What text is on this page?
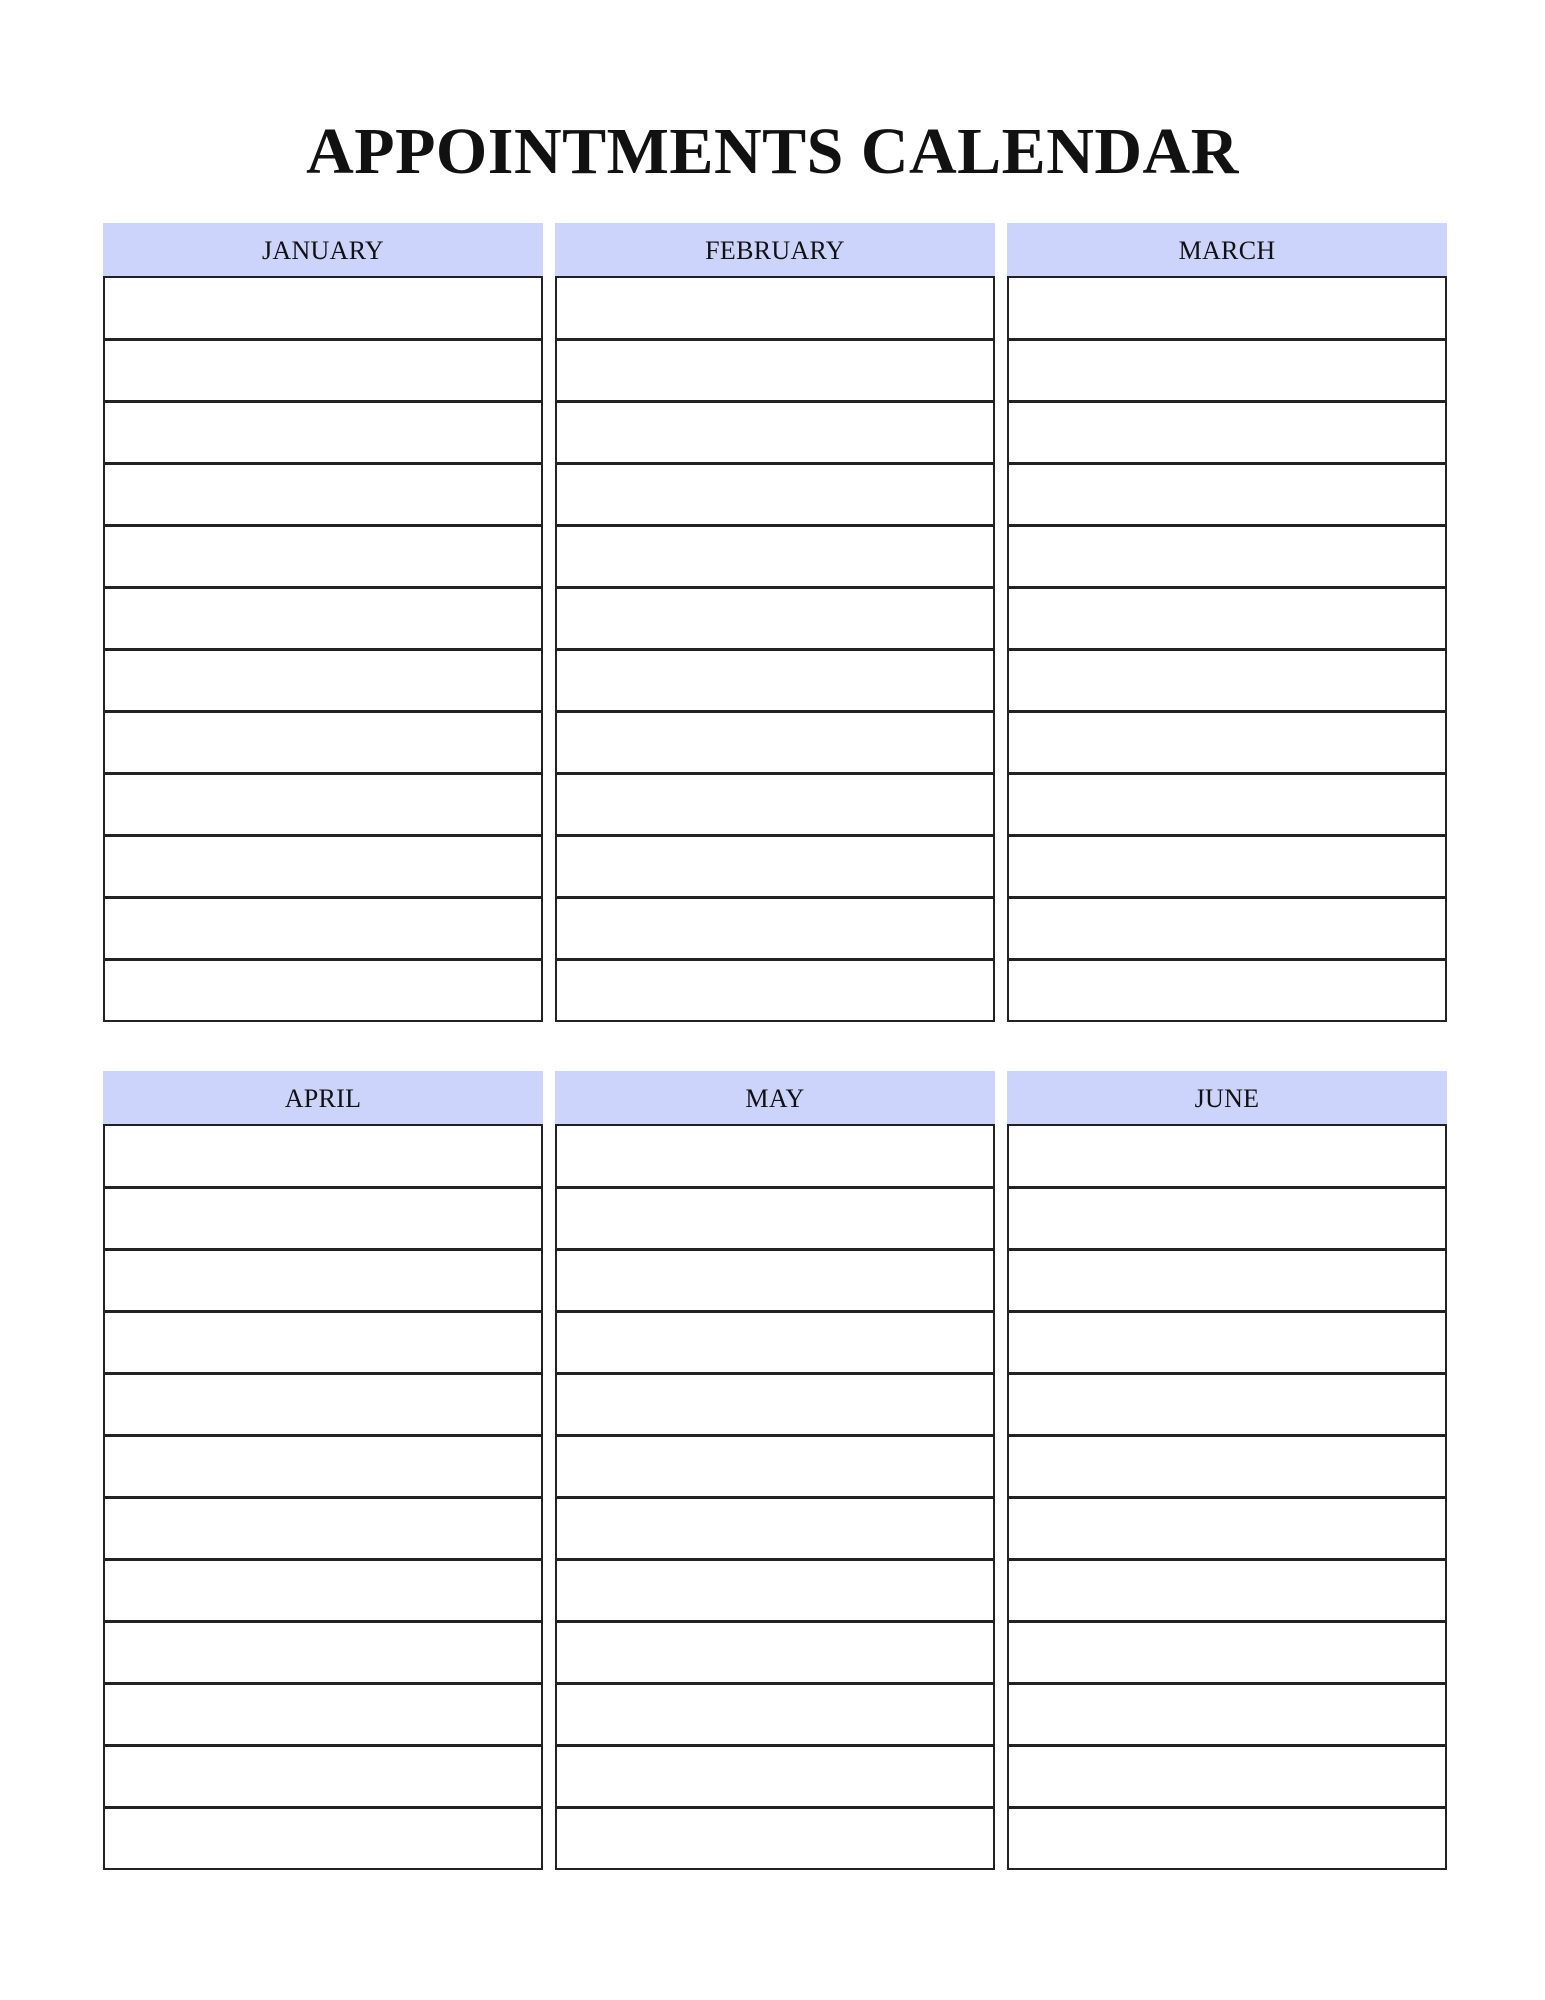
APPOINTMENTS CALENDAR
JANUARY	FEBRUARY	MARCH
APRIL	MAY	JUNE
